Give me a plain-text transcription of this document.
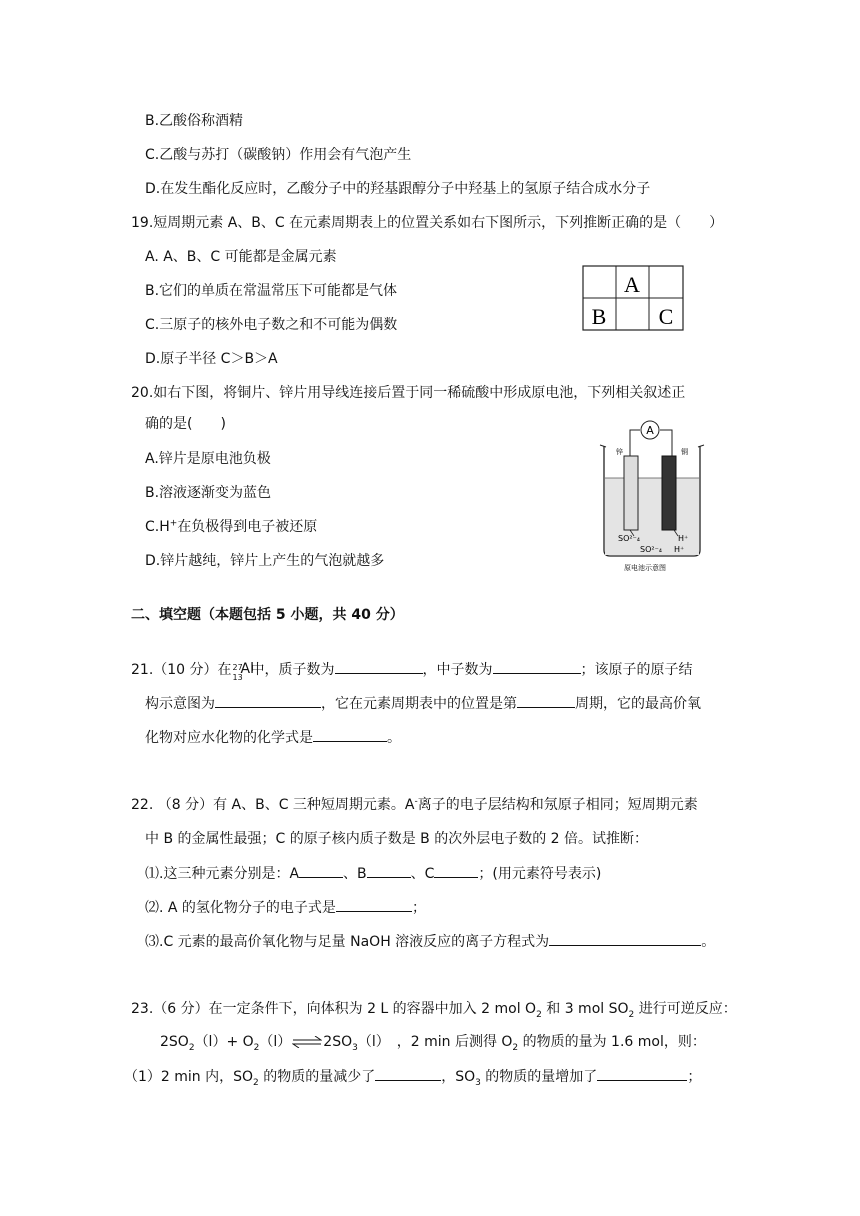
B.乙酸俗称酒精
C.乙酸与苏打（碳酸钠）作用会有气泡产生
D.在发生酯化反应时，乙酸分子中的羟基跟醇分子中羟基上的氢原子结合成水分子
19.短周期元素 A、B、C 在元素周期表上的位置关系如右下图所示，下列推断正确的是（　　）
A. A、B、C 可能都是金属元素
B.它们的单质在常温常压下可能都是气体
C.三原子的核外电子数之和不可能为偶数
D.原子半径 C＞B＞A
A
B C
20.如右下图，将铜片、锌片用导线连接后置于同一稀硫酸中形成原电池，下列相关叙述正
确的是(　　)
A.锌片是原电池负极
B.溶液逐渐变为蓝色
C.H+在负极得到电子被还原
D.锌片越纯，锌片上产生的气泡就越多
A
锌	铜
SO²⁻₄
SO²⁻₄
H⁺
H⁺
原电池示意图
二、填空题（本题包括 5 小题，共 40 分）
21.（10 分）在 27
13
Al
中，质子数为	，中子数为	；该原子的原子结
构示意图为	，它在元素周期表中的位置是第	周期，它的最高价氧
化物对应水化物的化学式是	。
22. （8 分）有 A、B、C 三种短周期元素。A-离子的电子层结构和氖原子相同；短周期元素
中 B 的金属性最强；C 的原子核内质子数是 B 的次外层电子数的 2 倍。试推断：
⑴.这三种元素分别是：A	、B	、C	；(用元素符号表示)
⑵. A 的氢化物分子的电子式是	；
⑶.C 元素的最高价氧化物与足量 NaOH 溶液反应的离子方程式为	。
23.（6 分）在一定条件下，向体积为 2 L 的容器中加入 2 mol $O_2$ 和 3 mol $SO_2$ 进行可逆反应：
$2SO_2(l)+$ $O_2(l)\rightleftharpoons 2SO_3(l)$ ，2 min 后测得 $O_2$ 的物质的量为 1.6 mol，则：
（1）2 min 内，$SO_2$ 的物质的量减少了	，$SO_3$ 的物质的量增加了	；
